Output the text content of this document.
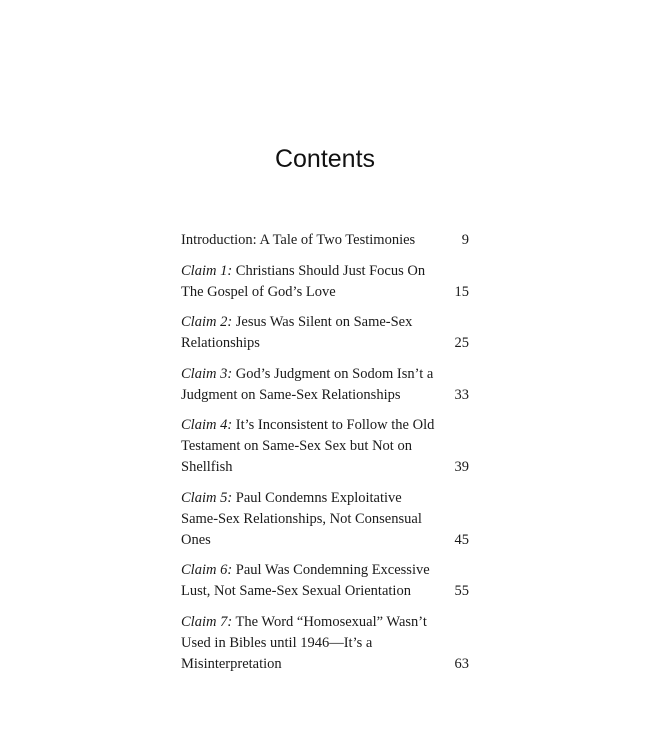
Contents
Introduction: A Tale of Two Testimonies	9
Claim 1: Christians Should Just Focus On
The Gospel of God’s Love	15
Claim 2: Jesus Was Silent on Same-Sex
Relationships	25
Claim 3: God’s Judgment on Sodom Isn’t a
Judgment on Same-Sex Relationships	33
Claim 4: It’s Inconsistent to Follow the Old
Testament on Same-Sex Sex but Not on
Shellfish	39
Claim 5: Paul Condemns Exploitative
Same-Sex Relationships, Not Consensual
Ones	45
Claim 6: Paul Was Condemning Excessive
Lust, Not Same-Sex Sexual Orientation	55
Claim 7: The Word “Homosexual” Wasn’t
Used in Bibles until 1946—It’s a
Misinterpretation	63
